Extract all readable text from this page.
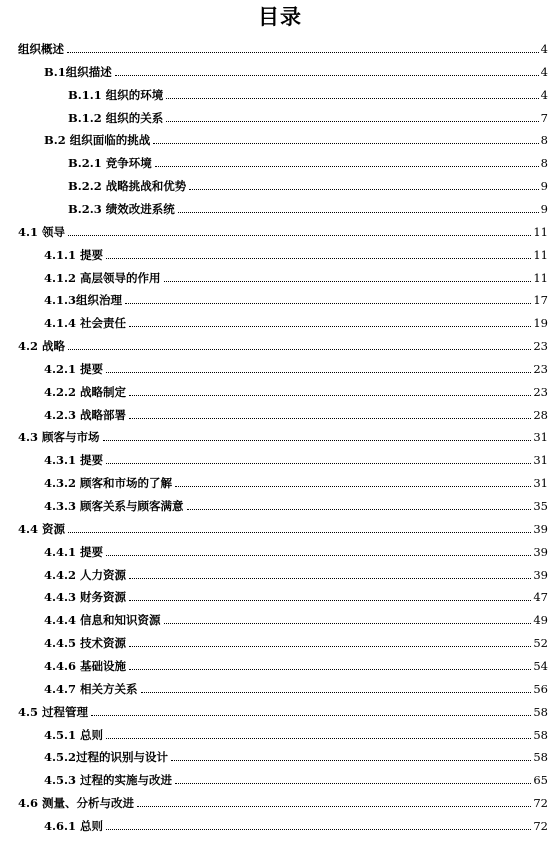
目录
组织概述	4
B.1组织描述	4
B.1.1 组织的环境	4
B.1.2 组织的关系	7
B.2 组织面临的挑战	8
B.2.1 竞争环境	8
B.2.2 战略挑战和优势	9
B.2.3 绩效改进系统	9
4.1 领导	11
4.1.1 提要	11
4.1.2 高层领导的作用	11
4.1.3组织治理	17
4.1.4 社会责任	19
4.2 战略	23
4.2.1 提要	23
4.2.2 战略制定	23
4.2.3 战略部署	28
4.3 顾客与市场	31
4.3.1 提要	31
4.3.2 顾客和市场的了解	31
4.3.3 顾客关系与顾客满意	35
4.4 资源	39
4.4.1 提要	39
4.4.2 人力资源	39
4.4.3 财务资源	47
4.4.4 信息和知识资源	49
4.4.5 技术资源	52
4.4.6 基础设施	54
4.4.7 相关方关系	56
4.5 过程管理	58
4.5.1 总则	58
4.5.2过程的识别与设计	58
4.5.3 过程的实施与改进	65
4.6 测量、分析与改进	72
4.6.1 总则	72
